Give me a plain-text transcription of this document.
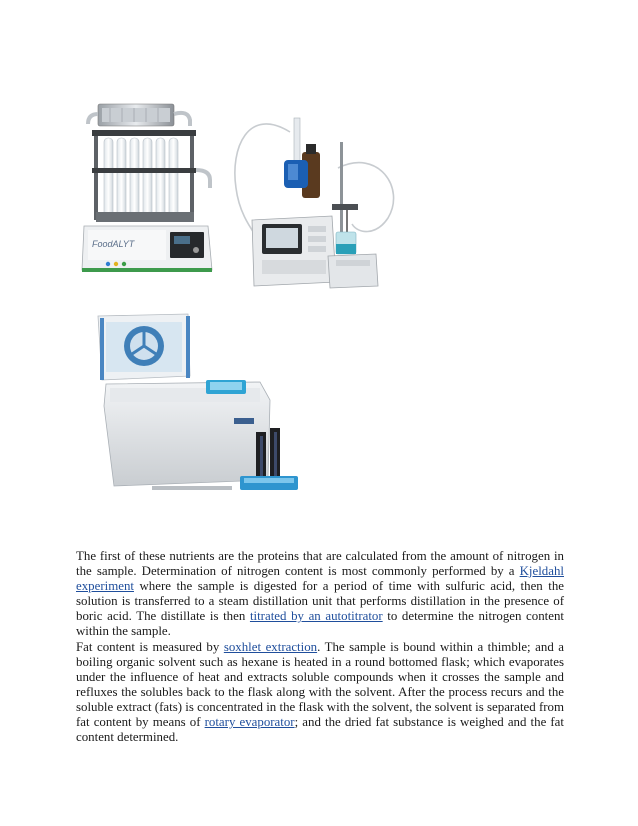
FoodALYT

The first of these nutrients are the proteins that are calculated from the amount of nitrogen in the sample. Determination of nitrogen content is most commonly performed by a Kjeldahl experiment where the sample is digested for a period of time with sulfuric acid, then the solution is transferred to a steam distillation unit that performs distillation in the presence of boric acid. The distillate is then titrated by an autotitrator to determine the nitrogen content within the sample.

Fat content is measured by soxhlet extraction. The sample is bound within a thimble; and a boiling organic solvent such as hexane is heated in a round bottomed flask; which evaporates under the influence of heat and extracts soluble compounds when it crosses the sample and refluxes the solubles back to the flask along with the solvent. After the process recurs and the soluble extract (fats) is concentrated in the flask with the solvent, the solvent is separated from fat content by means of rotary evaporator; and the dried fat substance is weighed and the fat content determined.
